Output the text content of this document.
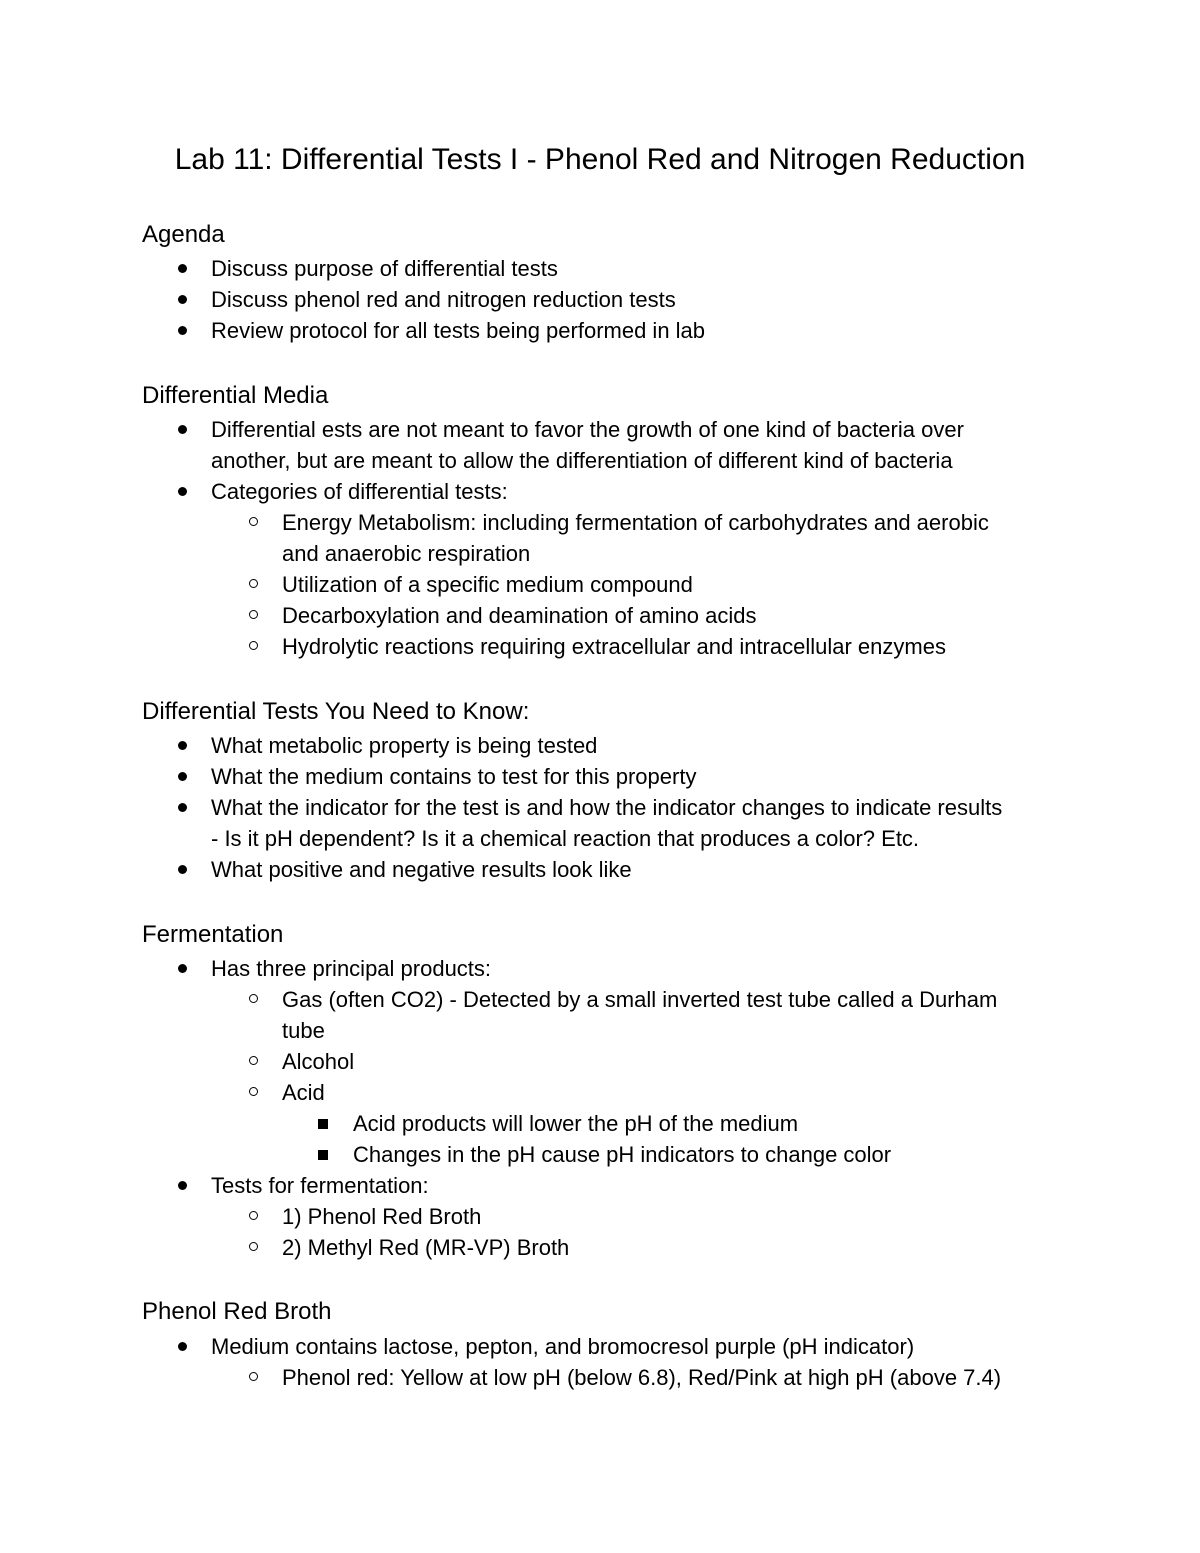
Lab 11: Differential Tests I - Phenol Red and Nitrogen Reduction
Agenda
Discuss purpose of differential tests
Discuss phenol red and nitrogen reduction tests
Review protocol for all tests being performed in lab
Differential Media
Differential ests are not meant to favor the growth of one kind of bacteria over
another, but are meant to allow the differentiation of different kind of bacteria
Categories of differential tests:
Energy Metabolism: including fermentation of carbohydrates and aerobic
and anaerobic respiration
Utilization of a specific medium compound
Decarboxylation and deamination of amino acids
Hydrolytic reactions requiring extracellular and intracellular enzymes
Differential Tests You Need to Know:
What metabolic property is being tested
What the medium contains to test for this property
What the indicator for the test is and how the indicator changes to indicate results
- Is it pH dependent? Is it a chemical reaction that produces a color? Etc.
What positive and negative results look like
Fermentation
Has three principal products:
Gas (often CO2) - Detected by a small inverted test tube called a Durham
tube
Alcohol
Acid
Acid products will lower the pH of the medium
Changes in the pH cause pH indicators to change color
Tests for fermentation:
1) Phenol Red Broth
2) Methyl Red (MR-VP) Broth
Phenol Red Broth
Medium contains lactose, pepton, and bromocresol purple (pH indicator)
Phenol red: Yellow at low pH (below 6.8), Red/Pink at high pH (above 7.4)
